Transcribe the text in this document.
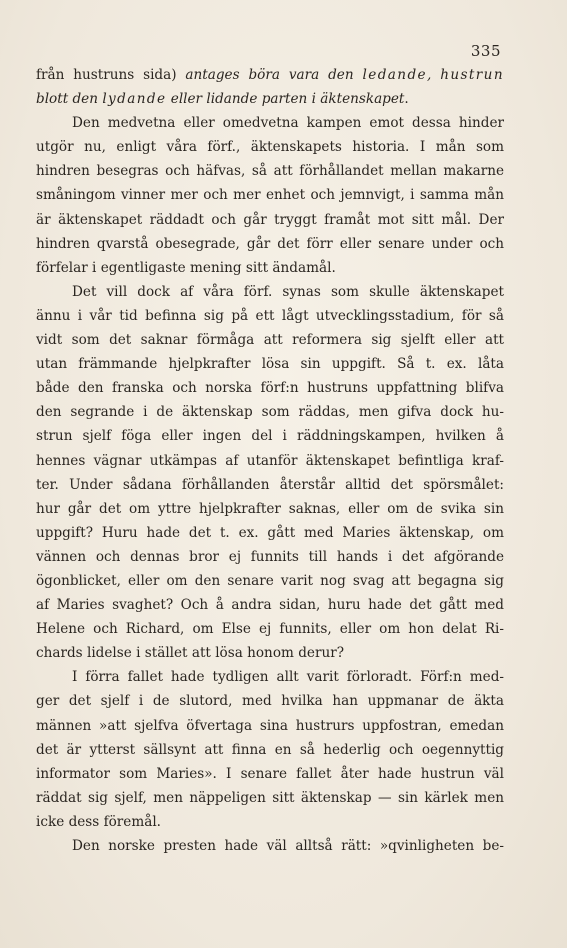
335
från hustruns sida) antages böra vara den ledande, hustrun
blott den lydande eller lidande parten i äktenskapet.
Den medvetna eller omedvetna kampen emot dessa hinder
utgör nu, enligt våra förf., äktenskapets historia. I mån som
hindren besegras och häfvas, så att förhållandet mellan makarne
småningom vinner mer och mer enhet och jemnvigt, i samma mån
är äktenskapet räddadt och går tryggt framåt mot sitt mål. Der
hindren qvarstå obesegrade, går det förr eller senare under och
förfelar i egentligaste mening sitt ändamål.
Det vill dock af våra förf. synas som skulle äktenskapet
ännu i vår tid befinna sig på ett lågt utvecklingsstadium, för så
vidt som det saknar förmåga att reformera sig sjelft eller att
utan främmande hjelpkrafter lösa sin uppgift. Så t. ex. låta
både den franska och norska förf:n hustruns uppfattning blifva
den segrande i de äktenskap som räddas, men gifva dock hu-
strun sjelf föga eller ingen del i räddningskampen, hvilken å
hennes vägnar utkämpas af utanför äktenskapet befintliga kraf-
ter. Under sådana förhållanden återstår alltid det spörsmålet:
hur går det om yttre hjelpkrafter saknas, eller om de svika sin
uppgift? Huru hade det t. ex. gått med Maries äktenskap, om
vännen och dennas bror ej funnits till hands i det afgörande
ögonblicket, eller om den senare varit nog svag att begagna sig
af Maries svaghet? Och å andra sidan, huru hade det gått med
Helene och Richard, om Else ej funnits, eller om hon delat Ri-
chards lidelse i stället att lösa honom derur?
I förra fallet hade tydligen allt varit förloradt. Förf:n med-
ger det sjelf i de slutord, med hvilka han uppmanar de äkta
männen »att sjelfva öfvertaga sina hustrurs uppfostran, emedan
det är ytterst sällsynt att finna en så hederlig och oegennyttig
informator som Maries». I senare fallet åter hade hustrun väl
räddat sig sjelf, men näppeligen sitt äktenskap — sin kärlek men
icke dess föremål.
Den norske presten hade väl alltså rätt: »qvinligheten be-
